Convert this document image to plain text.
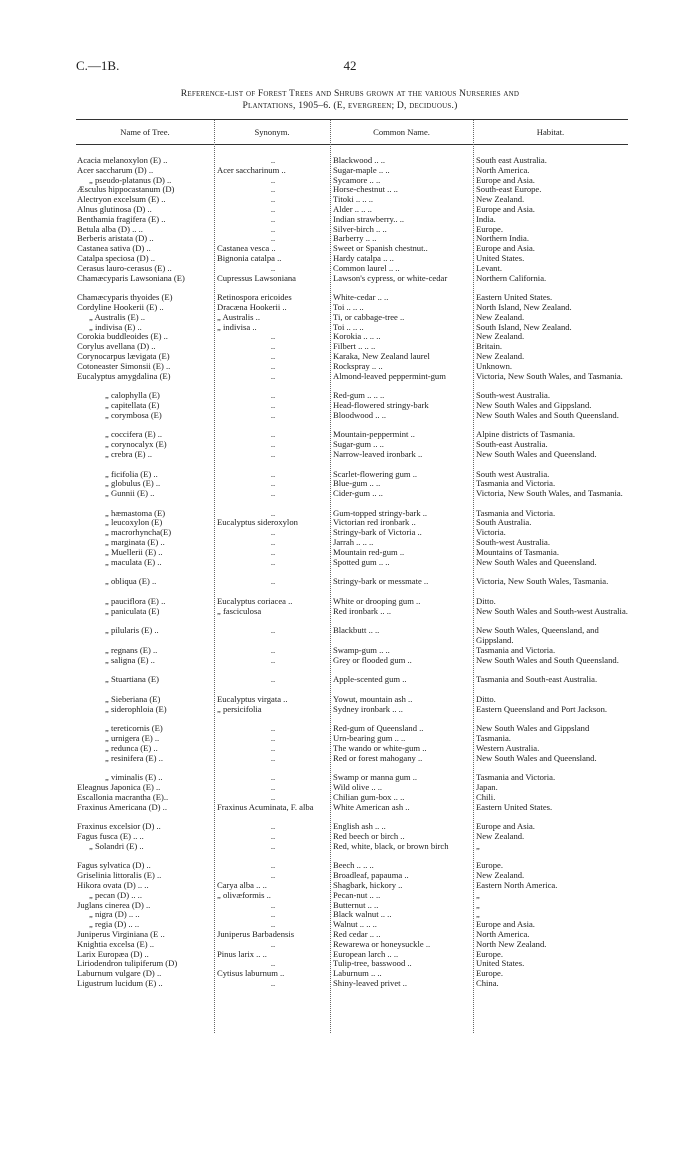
C.—1B.	42
Reference-list of Forest Trees and Shrubs grown at the various Nurseries and
Plantations, 1905–6. (E, evergreen; D, deciduous.)
Name of Tree.	Synonym.	Common Name.	Habitat.
Acacia melanoxylon (E) ..	..	Blackwood .. ..	South east Australia.
Acer saccharum (D) ..	Acer saccharinum ..	Sugar-maple .. ..	North America.
„ pseudo-platanus (D) ..	..	Sycamore .. ..	Europe and Asia.
Æsculus hippocastanum (D)	..	Horse-chestnut .. ..	South-east Europe.
Alectryon excelsum (E) ..	..	Titoki .. .. ..	New Zealand.
Alnus glutinosa (D) ..	..	Alder .. .. ..	Europe and Asia.
Benthamia fragifera (E) ..	..	Indian strawberry.. ..	India.
Betula alba (D) .. ..	..	Silver-birch .. ..	Europe.
Berberis aristata (D) ..	..	Barberry .. ..	Northern India.
Castanea sativa (D) ..	Castanea vesca ..	Sweet or Spanish chestnut..	Europe and Asia.
Catalpa speciosa (D) ..	Bignonia catalpa ..	Hardy catalpa .. ..	United States.
Cerasus lauro-cerasus (E) ..	..	Common laurel .. ..	Levant.
Chamæcyparis Lawsoniana (E)	Cupressus Lawsoniana	Lawson's cypress, or white-cedar	Northern California.
Chamæcyparis thyoides (E)	Retinospora ericoides	White-cedar .. ..	Eastern United States.
Cordyline Hookerii (E) ..	Dracæna Hookerii ..	Toi .. .. ..	North Island, New Zealand.
„ Australis (E) ..	„ Australis ..	Ti, or cabbage-tree ..	New Zealand.
„ indivisa (E) ..	„ indivisa ..	Toi .. .. ..	South Island, New Zealand.
Corokia buddleoides (E) ..	..	Korokia .. .. ..	New Zealand.
Corylus avellana (D) ..	..	Filbert .. .. ..	Britain.
Corynocarpus lævigata (E)	..	Karaka, New Zealand laurel	New Zealand.
Cotoneaster Simonsii (E) ..	..	Rockspray .. ..	Unknown.
Eucalyptus amygdalina (E)	..	Almond-leaved peppermint-gum	Victoria, New South Wales, and Tasmania.
„ calophylla (E)	..	Red-gum .. .. ..	South-west Australia.
„ capitellata (E)	..	Head-flowered stringy-bark	New South Wales and Gippsland.
„ corymbosa (E)	..	Bloodwood .. ..	New South Wales and South Queensland.
„ coccifera (E) ..	..	Mountain-peppermint ..	Alpine districts of Tasmania.
„ corynocalyx (E)	..	Sugar-gum .. ..	South-east Australia.
„ crebra (E) ..	..	Narrow-leaved ironbark ..	New South Wales and Queensland.
„ ficifolia (E) ..	..	Scarlet-flowering gum ..	South west Australia.
„ globulus (E) ..	..	Blue-gum .. ..	Tasmania and Victoria.
„ Gunnii (E) ..	..	Cider-gum .. ..	Victoria, New South Wales, and Tasmania.
„ hæmastoma (E)	..	Gum-topped stringy-bark ..	Tasmania and Victoria.
„ leucoxylon (E)	Eucalyptus sideroxylon	Victorian red ironbark ..	South Australia.
„ macrorhyncha(E)	..	Stringy-bark of Victoria ..	Victoria.
„ marginata (E) ..	..	Jarrah .. .. ..	South-west Australia.
„ Muellerii (E) ..	..	Mountain red-gum ..	Mountains of Tasmania.
„ maculata (E) ..	..	Spotted gum .. ..	New South Wales and Queensland.
„ obliqua (E) ..	..	Stringy-bark or messmate ..	Victoria, New South Wales, Tasmania.
„ pauciflora (E) ..	Eucalyptus coriacea ..	White or drooping gum ..	Ditto.
„ paniculata (E)	„ fasciculosa	Red ironbark .. ..	New South Wales and South-west Australia.
„ pilularis (E) ..	..	Blackbutt .. ..	New South Wales, Queensland, and Gippsland.
„ regnans (E) ..	..	Swamp-gum .. ..	Tasmania and Victoria.
„ saligna (E) ..	..	Grey or flooded gum ..	New South Wales and South Queensland.
„ Stuartiana (E)	..	Apple-scented gum ..	Tasmania and South-east Australia.
„ Sieberiana (E)	Eucalyptus virgata ..	Yowut, mountain ash ..	Ditto.
„ siderophloia (E)	„ persicifolia	Sydney ironbark .. ..	Eastern Queensland and Port Jackson.
„ tereticornis (E)	..	Red-gum of Queensland ..	New South Wales and Gippsland
„ urnigera (E) ..	..	Urn-bearing gum .. ..	Tasmania.
„ redunca (E) ..	..	The wando or white-gum ..	Western Australia.
„ resinifera (E) ..	..	Red or forest mahogany ..	New South Wales and Queensland.
„ viminalis (E) ..	..	Swamp or manna gum ..	Tasmania and Victoria.
Eleagnus Japonica (E) ..	..	Wild olive .. ..	Japan.
Escallonia macrantha (E)..	..	Chilian gum-box .. ..	Chili.
Fraxinus Americana (D) ..	Fraxinus Acuminata, F. alba	White American ash ..	Eastern United States.
Fraxinus excelsior (D) ..	..	English ash .. ..	Europe and Asia.
Fagus fusca (E) .. ..	..	Red beech or birch ..	New Zealand.
„ Solandri (E) ..	..	Red, white, black, or brown birch	„
Fagus sylvatica (D) ..	..	Beech .. .. ..	Europe.
Griselinia littoralis (E) ..	..	Broadleaf, papauma ..	New Zealand.
Hikora ovata (D) .. ..	Carya alba .. ..	Shagbark, hickory ..	Eastern North America.
„ pecan (D) .. ..	„ olivæformis ..	Pecan-nut .. ..	„
Juglans cinerea (D) ..	..	Butternut .. ..	„
„ nigra (D) .. ..	..	Black walnut .. ..	„
„ regia (D) .. ..	..	Walnut .. .. ..	Europe and Asia.
Juniperus Virginiana (E ..	Juniperus Barbadensis	Red cedar .. ..	North America.
Knightia excelsa (E) ..	..	Rewarewa or honeysuckle ..	North New Zealand.
Larix Europæa (D) ..	Pinus larix .. ..	European larch .. ..	Europe.
Liriodendron tulipiferum (D)	..	Tulip-tree, basswood ..	United States.
Laburnum vulgare (D) ..	Cytisus laburnum ..	Laburnum .. ..	Europe.
Ligustrum lucidum (E) ..	..	Shiny-leaved privet ..	China.
